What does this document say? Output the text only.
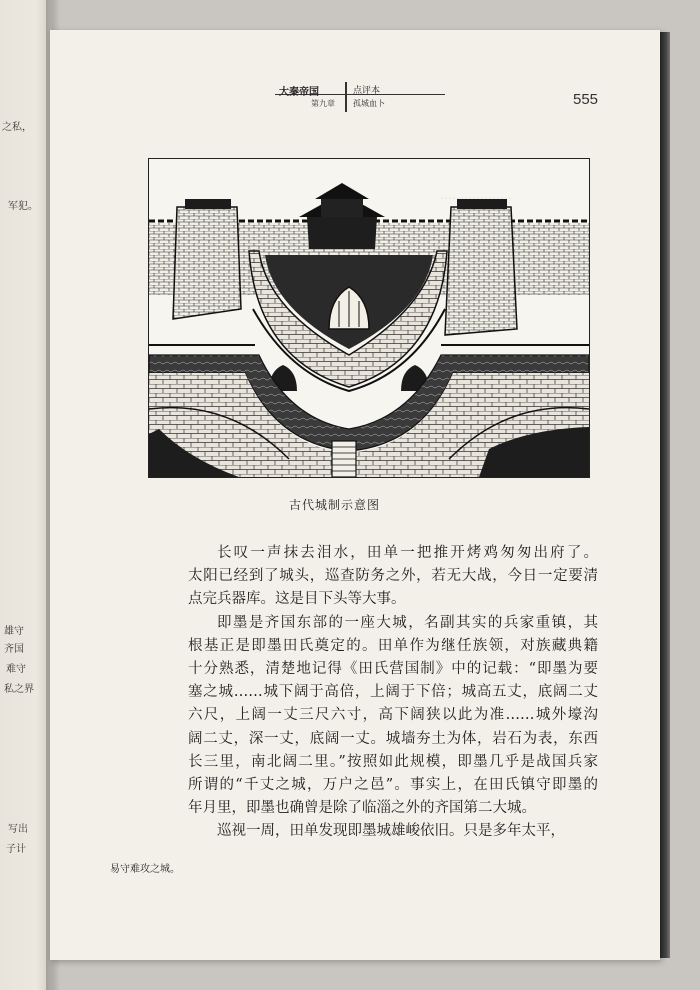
之私，
军犯。
雄守
齐国
难守
私之界
写出
子计
大秦帝国	点评本
第九章 孤城血卜	555
古代城制示意图
………………
………………

长叹一声抹去泪水，田单一把推开烤鸡匆匆出府了。
太阳已经到了城头，巡查防务之外，若无大战，今日一定要清
点完兵器库。这是目下头等大事。

即墨是齐国东部的一座大城，名副其实的兵家重镇，其
根基正是即墨田氏奠定的。田单作为继任族领，对族藏典籍
十分熟悉，清楚地记得《田氏营国制》中的记载：“即墨为要
塞之城……城下阔于高倍，上阔于下倍；城高五丈，底阔二丈
六尺，上阔一丈三尺六寸，高下阔狭以此为准……城外壕沟
阔二丈，深一丈，底阔一丈。城墙夯土为体，岩石为表，东西
长三里，南北阔二里。”按照如此规模，即墨几乎是战国兵家
所谓的“千丈之城，万户之邑”。事实上，在田氏镇守即墨的
年月里，即墨也确曾是除了临淄之外的齐国第二大城。

巡视一周，田单发现即墨城雄峻依旧。只是多年太平，

易守难攻之城。
